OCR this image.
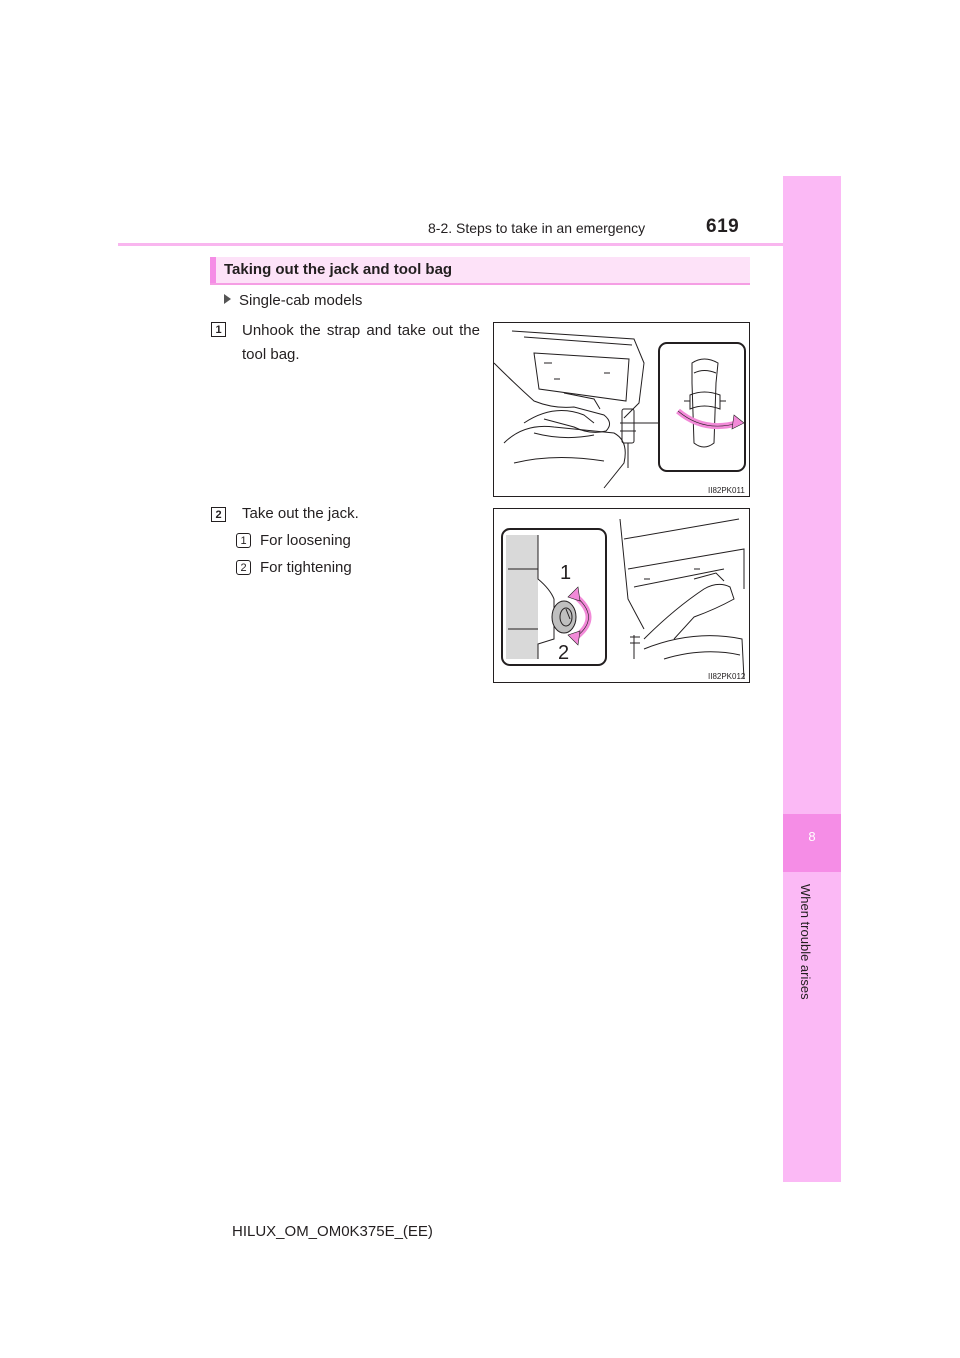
8-2. Steps to take in an emergency	619
8
When trouble arises
Taking out the jack and tool bag
Single-cab models
1 Unhook the strap and take out the tool bag.
2 Take out the jack.
1 For loosening
2 For tightening
II82PK011
1
2
II82PK012
HILUX_OM_OM0K375E_(EE)
